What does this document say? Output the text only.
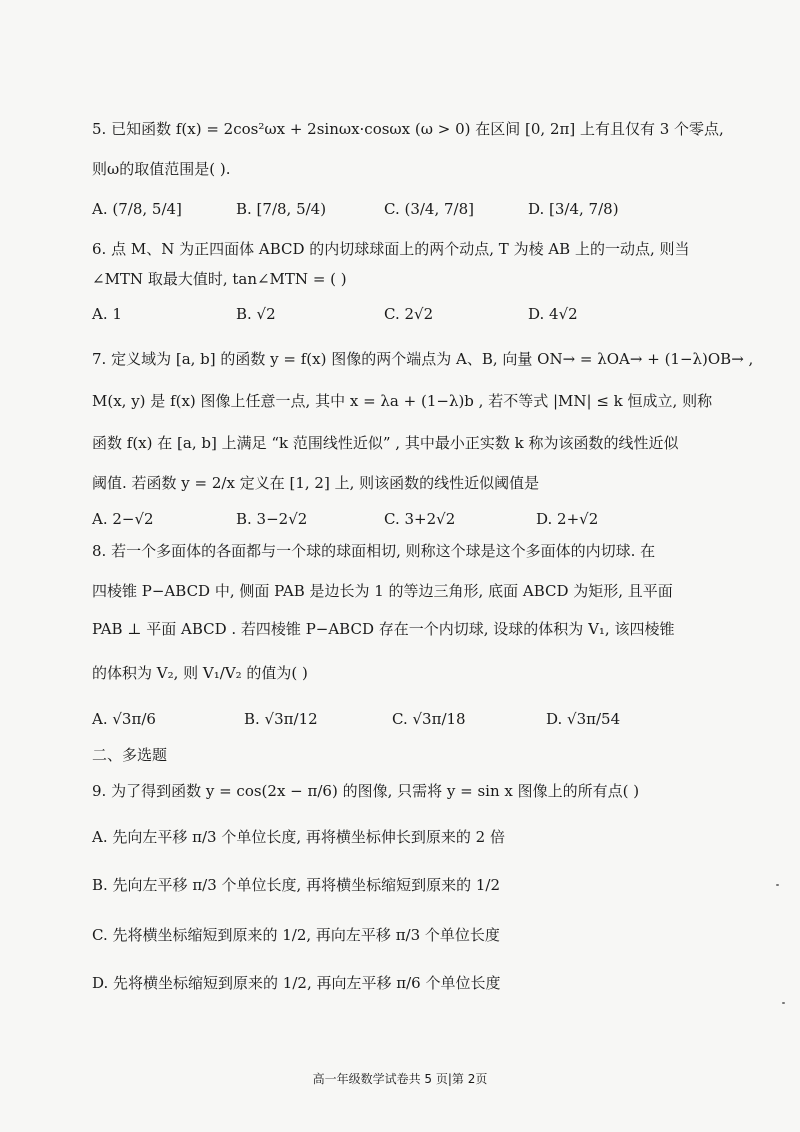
5. 已知函数 f(x) = 2cos²ωx + 2sinωx·cosωx (ω > 0) 在区间 [0, 2π] 上有且仅有 3 个零点,
则ω的取值范围是( ).
A. (7/8, 5/4]	B. [7/8, 5/4)	C. (3/4, 7/8]	D. [3/4, 7/8)
6. 点 M、N 为正四面体 ABCD 的内切球球面上的两个动点, T 为棱 AB 上的一动点, 则当
∠MTN 取最大值时, tan∠MTN = ( )
A. 1	B. √2	C. 2√2	D. 4√2
7. 定义域为 [a, b] 的函数 y = f(x) 图像的两个端点为 A、B, 向量 ON→ = λOA→ + (1−λ)OB→ ,
M(x, y) 是 f(x) 图像上任意一点, 其中 x = λa + (1−λ)b , 若不等式 |MN| ≤ k 恒成立, 则称
函数 f(x) 在 [a, b] 上满足 “k 范围线性近似” , 其中最小正实数 k 称为该函数的线性近似
阈值. 若函数 y = 2/x 定义在 [1, 2] 上, 则该函数的线性近似阈值是
A. 2−√2	B. 3−2√2	C. 3+2√2	D. 2+√2
8. 若一个多面体的各面都与一个球的球面相切, 则称这个球是这个多面体的内切球. 在
四棱锥 P−ABCD 中, 侧面 PAB 是边长为 1 的等边三角形, 底面 ABCD 为矩形, 且平面
PAB ⊥ 平面 ABCD . 若四棱锥 P−ABCD 存在一个内切球, 设球的体积为 V₁, 该四棱锥
的体积为 V₂, 则 V₁/V₂ 的值为( )
A. √3π/6	B. √3π/12	C. √3π/18	D. √3π/54
二、多选题
9. 为了得到函数 y = cos(2x − π/6) 的图像, 只需将 y = sin x 图像上的所有点( )
A. 先向左平移 π/3 个单位长度, 再将横坐标伸长到原来的 2 倍
B. 先向左平移 π/3 个单位长度, 再将横坐标缩短到原来的 1/2
C. 先将横坐标缩短到原来的 1/2, 再向左平移 π/3 个单位长度
D. 先将横坐标缩短到原来的 1/2, 再向左平移 π/6 个单位长度
高一年级数学试卷共 5 页|第 2页
